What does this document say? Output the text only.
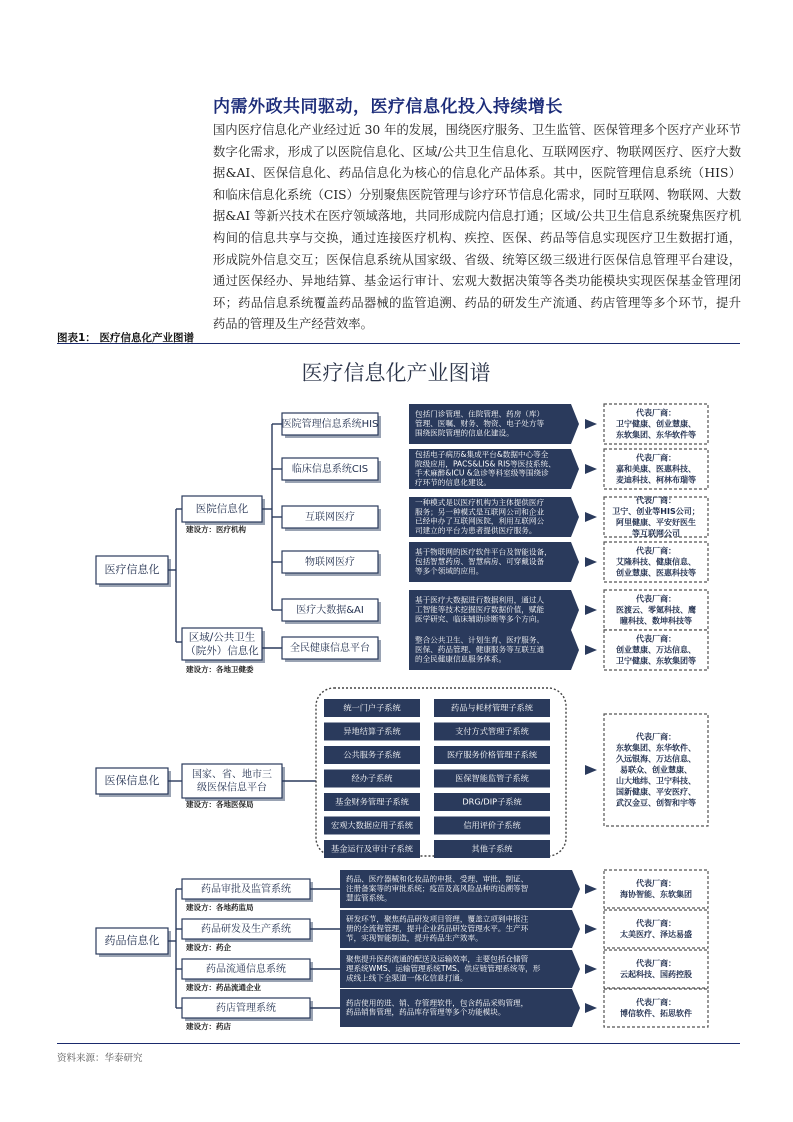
内需外政共同驱动，医疗信息化投入持续增长
国内医疗信息化产业经过近 30 年的发展，围绕医疗服务、卫生监管、医保管理多个医疗产业环节数字化需求，形成了以医院信息化、区域/公共卫生信息化、互联网医疗、物联网医疗、医疗大数据&AI、医保信息化、药品信息化为核心的信息化产品体系。其中，医院管理信息系统（HIS）和临床信息化系统（CIS）分别聚焦医院管理与诊疗环节信息化需求，同时互联网、物联网、大数据&AI 等新兴技术在医疗领域落地，共同形成院内信息打通；区域/公共卫生信息系统聚焦医疗机构间的信息共享与交换，通过连接医疗机构、疾控、医保、药品等信息实现医疗卫生数据打通，形成院外信息交互；医保信息系统从国家级、省级、统筹区级三级进行医保信息管理平台建设，通过医保经办、异地结算、基金运行审计、宏观大数据决策等各类功能模块实现医保基金管理闭环；药品信息系统覆盖药品器械的监管追溯、药品的研发生产流通、药店管理等多个环节，提升药品的管理及生产经营效率。
图表1： 医疗信息化产业图谱
资料来源：华泰研究
医疗信息化产业图谱
医疗信息化
医院信息化
建设方：医疗机构
医院管理信息系统HIS
包括门诊管理、住院管理、药房（库）
管理、医嘱、财务、物资、电子处方等
围绕医院管理的信息化建设。
代表厂商：
卫宁健康、创业慧康、
东软集团、东华软件等
临床信息系统CIS
包括电子病历&集成平台&数据中心等全
院级应用，PACS&LIS& RIS等医技系统、
手术麻醉&ICU &急诊等科室级等围绕诊
疗环节的信息化建设。
代表厂商：
嘉和美康、医惠科技、
麦迪科技、柯林布瑞等
互联网医疗
一种模式是以医疗机构为主体提供医疗
服务；另一种模式是互联网公司和企业
已经申办了互联网医院，利用互联网公
司建立的平台为患者提供医疗服务。
代表厂商：
卫宁、创业等HIS公司；
阿里健康、平安好医生
等互联网公司
物联网医疗
基于物联网的医疗软件平台及智能设备，
包括智慧药房、智慧病房、可穿戴设备
等多个领域的应用。
代表厂商：
艾隆科技、健康信息、
创业慧康、医惠科技等
医疗大数据&AI
基于医疗大数据进行数据利用，通过人
工智能等技术挖掘医疗数据价值，赋能
医学研究、临床辅助诊断等多个方向。
代表厂商：
医渡云、零氪科技、鹰
瞳科技、数坤科技等
区域/公共卫生
（院外）信息化
建设方：各地卫健委
全民健康信息平台
整合公共卫生、计划生育、医疗服务、
医保、药品管理、健康服务等互联互通
的全民健康信息服务体系。
代表厂商：
创业慧康、万达信息、
卫宁健康、东软集团等
医保信息化	国家、省、地市三
级医保信息平台
建设方：各地医保局
统一门户子系统	药品与耗材管理子系统
异地结算子系统	支付方式管理子系统
公共服务子系统	医疗服务价格管理子系统
经办子系统	医保智能监管子系统
基金财务管理子系统	DRG/DIP子系统
宏观大数据应用子系统	信用评价子系统
基金运行及审计子系统	其他子系统
代表厂商：
东软集团、东华软件、
久远银海、万达信息、
易联众、创业慧康、
山大地纬、卫宁科技、
国新健康、平安医疗、
武汉金豆、创智和宇等
药品信息化
药品审批及监管系统
建设方：各地药监局
药品、医疗器械和化妆品的申报、受理、审批、制证、
注册备案等的审批系统；疫苗及高风险品种的追溯等智
慧监管系统。
代表厂商：
海协智能、东软集团
药品研发及生产系统
建设方：药企
研发环节，聚焦药品研发项目管理，覆盖立项到申报注
册的全流程管理，提升企业药品研发管理水平。生产环
节，实现智能制造，提升药品生产效率。
代表厂商：
太美医疗、泽达易盛
药品流通信息系统
建设方：药品流通企业
聚焦提升医药流通的配送及运输效率，主要包括仓储管
理系统WMS、运输管理系统TMS、供应链管理系统等，形
成线上线下全渠道一体化信息打通。
代表厂商：
云起科技、国药控股
药店管理系统
建设方：药店
药店使用的进、销、存管理软件，包含药品采购管理，
药品销售管理，药品库存管理等多个功能模块。
代表厂商：
博信软件、拓思软件
